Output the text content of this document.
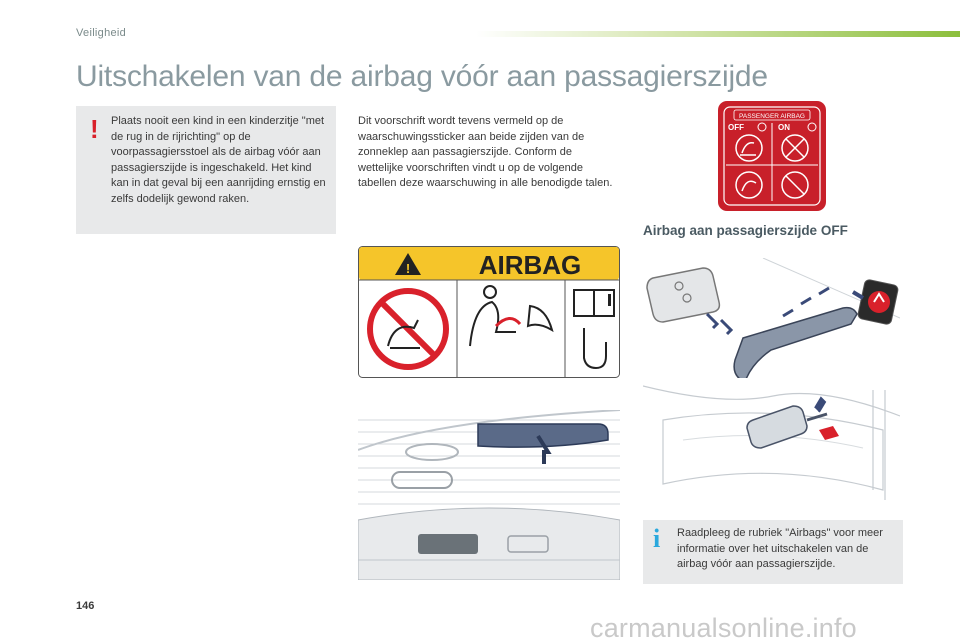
Veiligheid
Uitschakelen van de airbag vóór aan passagierszijde
! Plaats nooit een kind in een kinderzitje "met de rug in de rijrichting" op de voorpassagiersstoel als de airbag vóór aan passagierszijde is ingeschakeld. Het kind kan in dat geval bij een aanrijding ernstig en zelfs dodelijk gewond raken.
Dit voorschrift wordt tevens vermeld op de waarschuwingssticker aan beide zijden van de zonneklep aan passagierszijde. Conform de wettelijke voorschriften vindt u op de volgende tabellen deze waarschuwing in alle benodigde talen.
PASSENGER AIRBAG
OFF	ON
Airbag aan passagierszijde OFF
!	AIRBAG
i Raadpleeg de rubriek "Airbags" voor meer informatie over het uitschakelen van de airbag vóór aan passagierszijde.
146
carmanualsonline.info
